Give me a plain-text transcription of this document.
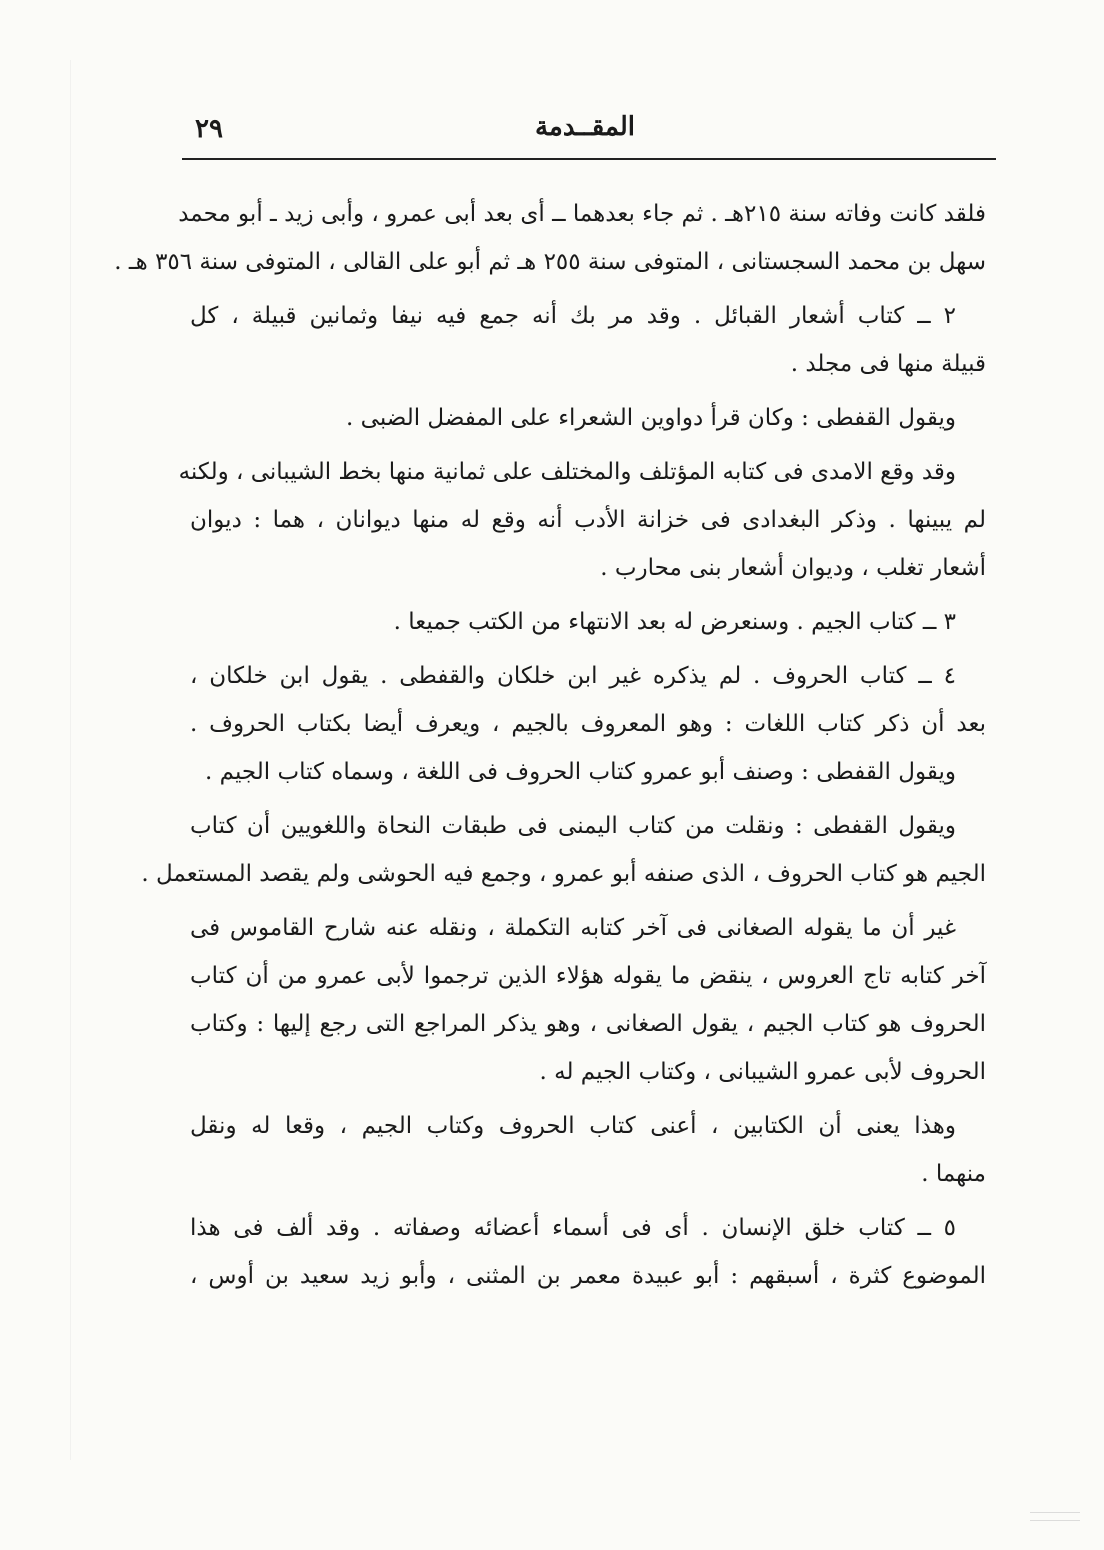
المقــدمة
٢٩
فلقد كانت وفاته سنة ٢١٥هـ . ثم جاء بعدهما ــ أى بعد أبى عمرو ، وأبى زيد ـ أبو محمد
سهل بن محمد السجستانى ، المتوفى سنة ٢٥٥ هـ ثم أبو على القالى ، المتوفى سنة ٣٥٦ هـ .
٢ ــ كتاب أشعار القبائل . وقد مر بك أنه جمع فيه نيفا وثمانين قبيلة ، كل
قبيلة منها فى مجلد .
ويقول القفطى : وكان قرأ دواوين الشعراء على المفضل الضبى .
وقد وقع الامدى فى كتابه المؤتلف والمختلف على ثمانية منها بخط الشيبانى ، ولكنه
لم يبينها . وذكر البغدادى فى خزانة الأدب أنه وقع له منها ديوانان ، هما : ديوان
أشعار تغلب ، وديوان أشعار بنى محارب .
٣ ــ كتاب الجيم . وسنعرض له بعد الانتهاء من الكتب جميعا .
٤ ــ كتاب الحروف . لم يذكره غير ابن خلكان والقفطى . يقول ابن خلكان ،
بعد أن ذكر كتاب اللغات : وهو المعروف بالجيم ، ويعرف أيضا بكتاب الحروف .
ويقول القفطى : وصنف أبو عمرو كتاب الحروف فى اللغة ، وسماه كتاب الجيم .
ويقول القفطى : ونقلت من كتاب اليمنى فى طبقات النحاة واللغويين أن كتاب
الجيم هو كتاب الحروف ، الذى صنفه أبو عمرو ، وجمع فيه الحوشى ولم يقصد المستعمل .
غير أن ما يقوله الصغانى فى آخر كتابه التكملة ، ونقله عنه شارح القاموس فى
آخر كتابه تاج العروس ، ينقض ما يقوله هؤلاء الذين ترجموا لأبى عمرو من أن كتاب
الحروف هو كتاب الجيم ، يقول الصغانى ، وهو يذكر المراجع التى رجع إليها : وكتاب
الحروف لأبى عمرو الشيبانى ، وكتاب الجيم له .
وهذا يعنى أن الكتابين ، أعنى كتاب الحروف وكتاب الجيم ، وقعا له ونقل
منهما .
٥ ــ كتاب خلق الإنسان . أى فى أسماء أعضائه وصفاته . وقد ألف فى هذا
الموضوع كثرة ، أسبقهم : أبو عبيدة معمر بن المثنى ، وأبو زيد سعيد بن أوس ،
